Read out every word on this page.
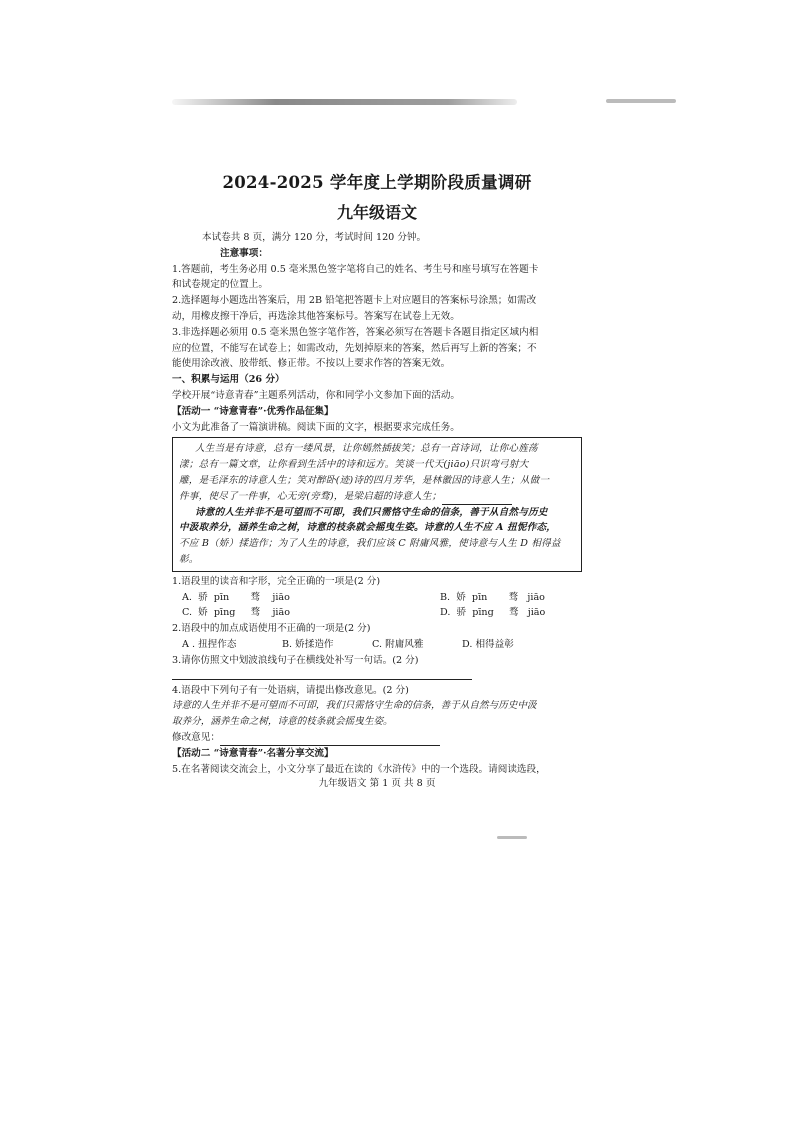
2024-2025 学年度上学期阶段质量调研
九年级语文

本试卷共 8 页，满分 120 分，考试时间 120 分钟。

注意事项：

1.答题前，考生务必用 0.5 毫米黑色签字笔将自己的姓名、考生号和座号填写在答题卡

和试卷规定的位置上。

2.选择题每小题选出答案后，用 2B 铅笔把答题卡上对应题目的答案标号涂黑；如需改

动，用橡皮擦干净后，再选涂其他答案标号。答案写在试卷上无效。

3.非选择题必须用 0.5 毫米黑色签字笔作答，答案必须写在答题卡各题目指定区域内相

应的位置，不能写在试卷上；如需改动，先划掉原来的答案，然后再写上新的答案；不

能使用涂改液、胶带纸、修正带。不按以上要求作答的答案无效。

一、积累与运用（26 分）

学校开展“诗意青春”主题系列活动，你和同学小文参加下面的活动。

【活动一 “诗意青春”·优秀作品征集】

小文为此准备了一篇演讲稿。阅读下面的文字，根据要求完成任务。

人生当是有诗意，总有一缕风景，让你嫣然插拔笑；总有一首诗词，让你心旌荡

漾；总有一篇文章，让你看到生活中的诗和远方。笑谈一代天(jiāo)只识弯弓射大

雕，是毛泽东的诗意人生；笑对醉卧(迹)诗的四月芳华，是林徽因的诗意人生；从做一

件事，使尽了一件事，心无旁(旁骛)，是梁启超的诗意人生；

诗意的人生并非不是可望而不可即，我们只需恪守生命的信条，善于从自然与历史

中汲取养分，涵养生命之树，诗意的枝条就会摇曳生姿。诗意的人生不应 A 扭怩作态，

不应 B（娇）揉造作；为了人生的诗意，我们应该 C 附庸风雅，使诗意与人生 D 相得益

彰。

1.语段里的读音和字形，完全正确的一项是(2 分)

A. 骄 pīn 骛 jiāo	B. 娇 pīn 骛 jiāo
C. 娇 pīng 骛 jiāo	D. 骄 pīng 骛 jiāo

2.语段中的加点成语使用不正确的一项是(2 分)

A . 扭捏作态	B. 娇揉造作	C. 附庸风雅	D. 相得益彰

3.请你仿照文中划波浪线句子在横线处补写一句话。(2 分)

4.语段中下列句子有一处语病，请提出修改意见。(2 分)

诗意的人生并非不是可望而不可即，我们只需恪守生命的信条，善于从自然与历史中汲

取养分，涵养生命之树，诗意的枝条就会摇曳生姿。

修改意见：

【活动二 “诗意青春”·名著分享交流】

5.在名著阅读交流会上，小文分享了最近在读的《水浒传》中的一个选段。请阅读选段，

九年级语文 第 1 页 共 8 页
